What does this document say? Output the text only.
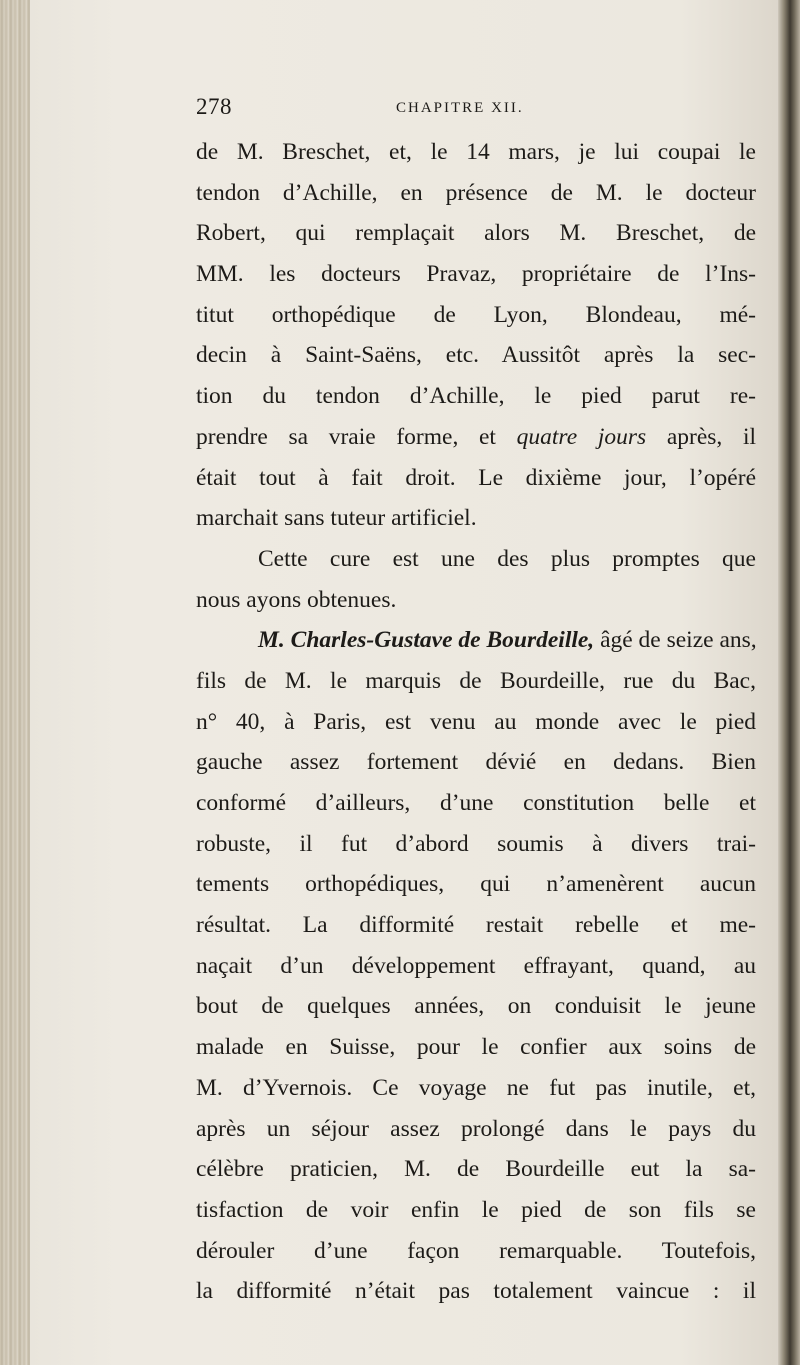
278	CHAPITRE XII.
de M. Breschet, et, le 14 mars, je lui coupai le
tendon d’Achille, en présence de M. le docteur
Robert, qui remplaçait alors M. Breschet, de
MM. les docteurs Pravaz, propriétaire de l’Ins-
titut orthopédique de Lyon, Blondeau, mé-
decin à Saint-Saëns, etc. Aussitôt après la sec-
tion du tendon d’Achille, le pied parut re-
prendre sa vraie forme, et quatre jours après, il
était tout à fait droit. Le dixième jour, l’opéré
marchait sans tuteur artificiel.
Cette cure est une des plus promptes que
nous ayons obtenues.
M. Charles-Gustave de Bourdeille, âgé de seize ans,
fils de M. le marquis de Bourdeille, rue du Bac,
n° 40, à Paris, est venu au monde avec le pied
gauche assez fortement dévié en dedans. Bien
conformé d’ailleurs, d’une constitution belle et
robuste, il fut d’abord soumis à divers trai-
tements orthopédiques, qui n’amenèrent aucun
résultat. La difformité restait rebelle et me-
naçait d’un développement effrayant, quand, au
bout de quelques années, on conduisit le jeune
malade en Suisse, pour le confier aux soins de
M. d’Yvernois. Ce voyage ne fut pas inutile, et,
après un séjour assez prolongé dans le pays du
célèbre praticien, M. de Bourdeille eut la sa-
tisfaction de voir enfin le pied de son fils se
dérouler d’une façon remarquable. Toutefois,
la difformité n’était pas totalement vaincue : il
